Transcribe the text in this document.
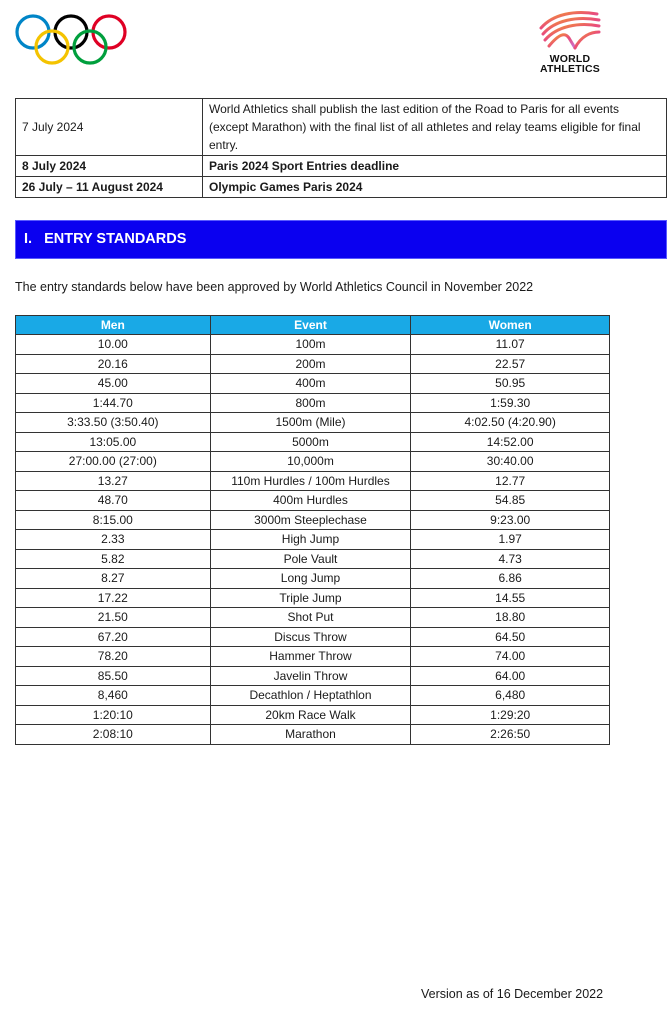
WORLD
ATHLETICS
7 July 2024	World Athletics shall publish the last edition of the Road to Paris for all events (except Marathon) with the final list of all athletes and relay teams eligible for final entry.
8 July 2024	Paris 2024 Sport Entries deadline
26 July – 11 August 2024	Olympic Games Paris 2024
I. ENTRY STANDARDS
The entry standards below have been approved by World Athletics Council in November 2022
Men	Event	Women
10.00	100m	11.07
20.16	200m	22.57
45.00	400m	50.95
1:44.70	800m	1:59.30
3:33.50 (3:50.40)	1500m (Mile)	4:02.50 (4:20.90)
13:05.00	5000m	14:52.00
27:00.00 (27:00)	10,000m	30:40.00
13.27	110m Hurdles / 100m Hurdles	12.77
48.70	400m Hurdles	54.85
8:15.00	3000m Steeplechase	9:23.00
2.33	High Jump	1.97
5.82	Pole Vault	4.73
8.27	Long Jump	6.86
17.22	Triple Jump	14.55
21.50	Shot Put	18.80
67.20	Discus Throw	64.50
78.20	Hammer Throw	74.00
85.50	Javelin Throw	64.00
8,460	Decathlon / Heptathlon	6,480
1:20:10	20km Race Walk	1:29:20
2:08:10	Marathon	2:26:50
Version as of 16 December 2022
